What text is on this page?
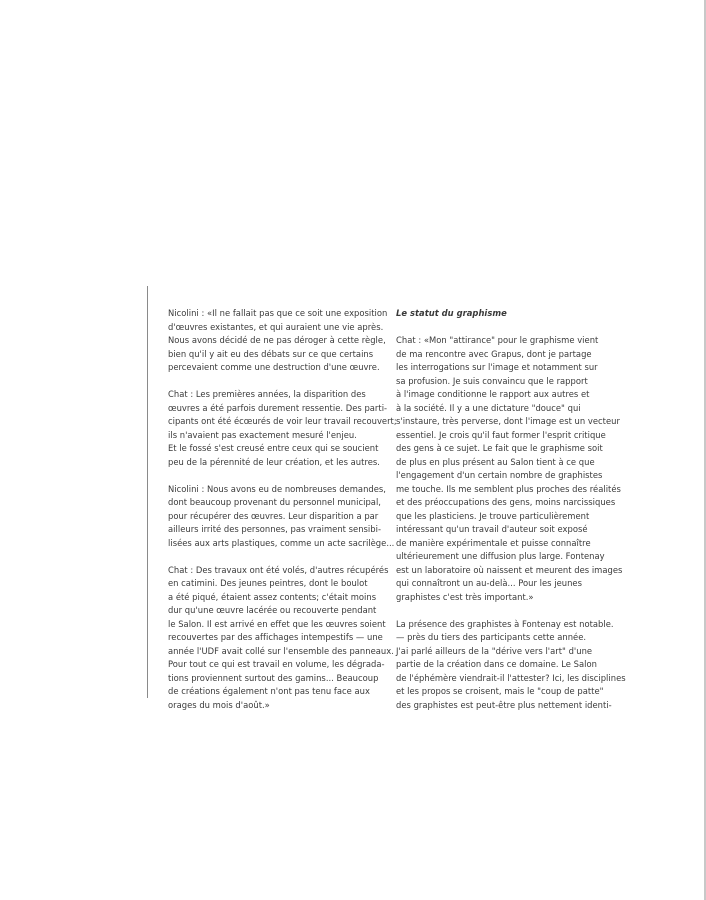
Nicolini : «Il ne fallait pas que ce soit une exposition
d'œuvres existantes, et qui auraient une vie après.
Nous avons décidé de ne pas déroger à cette règle,
bien qu'il y ait eu des débats sur ce que certains
percevaient comme une destruction d'une œuvre.
Chat : Les premières années, la disparition des
œuvres a été parfois durement ressentie. Des parti-
cipants ont été écœurés de voir leur travail recouvert;
ils n'avaient pas exactement mesuré l'enjeu.
Et le fossé s'est creusé entre ceux qui se soucient
peu de la pérennité de leur création, et les autres.
Nicolini : Nous avons eu de nombreuses demandes,
dont beaucoup provenant du personnel municipal,
pour récupérer des œuvres. Leur disparition a par
ailleurs irrité des personnes, pas vraiment sensibi-
lisées aux arts plastiques, comme un acte sacrilège...
Chat : Des travaux ont été volés, d'autres récupérés
en catimini. Des jeunes peintres, dont le boulot
a été piqué, étaient assez contents; c'était moins
dur qu'une œuvre lacérée ou recouverte pendant
le Salon. Il est arrivé en effet que les œuvres soient
recouvertes par des affichages intempestifs — une
année l'UDF avait collé sur l'ensemble des panneaux.
Pour tout ce qui est travail en volume, les dégrada-
tions proviennent surtout des gamins... Beaucoup
de créations également n'ont pas tenu face aux
orages du mois d'août.»
Le statut du graphisme
Chat : «Mon "attirance" pour le graphisme vient
de ma rencontre avec Grapus, dont je partage
les interrogations sur l'image et notamment sur
sa profusion. Je suis convaincu que le rapport
à l'image conditionne le rapport aux autres et
à la société. Il y a une dictature "douce" qui
s'instaure, très perverse, dont l'image est un vecteur
essentiel. Je crois qu'il faut former l'esprit critique
des gens à ce sujet. Le fait que le graphisme soit
de plus en plus présent au Salon tient à ce que
l'engagement d'un certain nombre de graphistes
me touche. Ils me semblent plus proches des réalités
et des préoccupations des gens, moins narcissiques
que les plasticiens. Je trouve particulièrement
intéressant qu'un travail d'auteur soit exposé
de manière expérimentale et puisse connaître
ultérieurement une diffusion plus large. Fontenay
est un laboratoire où naissent et meurent des images
qui connaîtront un au-delà... Pour les jeunes
graphistes c'est très important.»
La présence des graphistes à Fontenay est notable.
— près du tiers des participants cette année.
J'ai parlé ailleurs de la "dérive vers l'art" d'une
partie de la création dans ce domaine. Le Salon
de l'éphémère viendrait-il l'attester? Ici, les disciplines
et les propos se croisent, mais le "coup de patte"
des graphistes est peut-être plus nettement identi-
